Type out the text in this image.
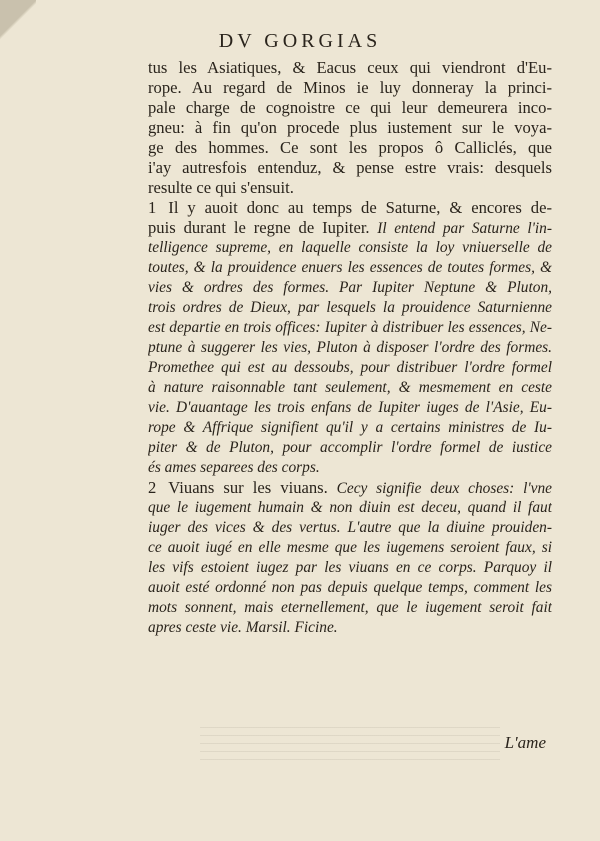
DV GORGIAS
tus les Asiatiques, & Eacus ceux qui viendront d'Eu-
rope. Au regard de Minos ie luy donneray la princi-
pale charge de cognoistre ce qui leur demeurera inco-
gneu: à fin qu'on procede plus iustement sur le voya-
ge des hommes. Ce sont les propos ô Calliclés, que
i'ay autresfois entenduz, & pense estre vrais: desquels
resulte ce qui s'ensuit.
1 Il y auoit donc au temps de Saturne, & encores de-
puis durant le regne de Iupiter. Il entend par Saturne l'in-
telligence supreme, en laquelle consiste la loy vniuerselle de
toutes, & la prouidence enuers les essences de toutes formes, &
vies & ordres des formes. Par Iupiter Neptune & Pluton,
trois ordres de Dieux, par lesquels la prouidence Saturnienne
est departie en trois offices: Iupiter à distribuer les essences, Ne-
ptune à suggerer les vies, Pluton à disposer l'ordre des formes.
Promethee qui est au dessoubs, pour distribuer l'ordre formel
à nature raisonnable tant seulement, & mesmement en ceste
vie. D'auantage les trois enfans de Iupiter iuges de l'Asie, Eu-
rope & Affrique signifient qu'il y a certains ministres de Iu-
piter & de Pluton, pour accomplir l'ordre formel de iustice
és ames separees des corps.
2 Viuans sur les viuans. Cecy signifie deux choses: l'vne
que le iugement humain & non diuin est deceu, quand il faut
iuger des vices & des vertus. L'autre que la diuine prouiden-
ce auoit iugé en elle mesme que les iugemens seroient faux, si
les vifs estoient iugez par les viuans en ce corps. Parquoy il
auoit esté ordonné non pas depuis quelque temps, comment les
mots sonnent, mais eternellement, que le iugement seroit fait
apres ceste vie. Marsil. Ficine.
L'ame
